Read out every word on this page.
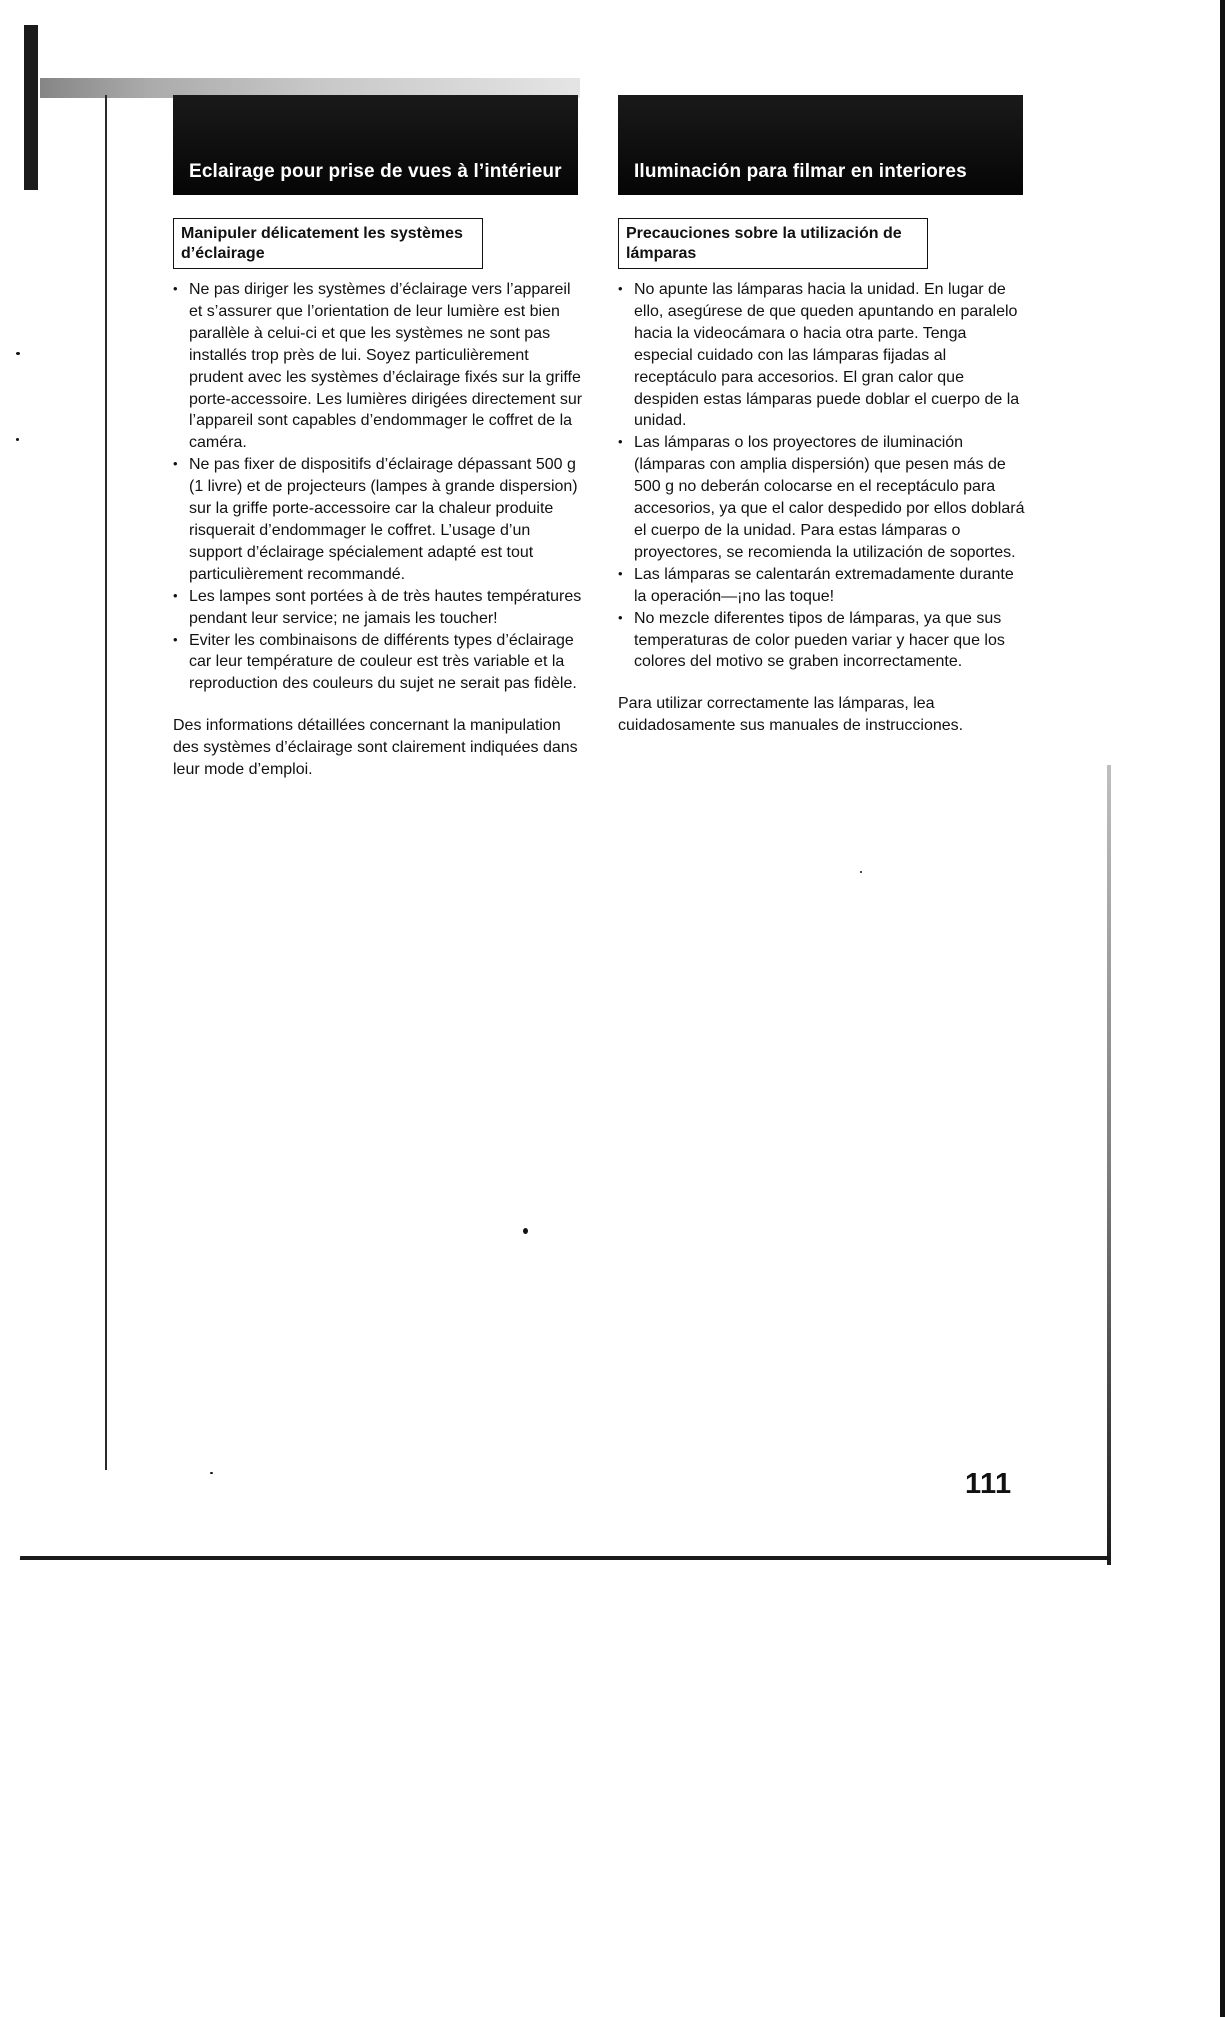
Eclairage pour prise de vues à l’intérieur
Manipuler délicatement les systèmes d’éclairage
• Ne pas diriger les systèmes d’éclairage vers l’appareil et s’assurer que l’orientation de leur lumière est bien parallèle à celui-ci et que les systèmes ne sont pas installés trop près de lui. Soyez particulièrement prudent avec les systèmes d’éclairage fixés sur la griffe porte-accessoire. Les lumières dirigées directement sur l’appareil sont capables d’endommager le coffret de la caméra.
• Ne pas fixer de dispositifs d’éclairage dépassant 500 g (1 livre) et de projecteurs (lampes à grande dispersion) sur la griffe porte-accessoire car la chaleur produite risquerait d’endommager le coffret. L’usage d’un support d’éclairage spécialement adapté est tout particulièrement recommandé.
• Les lampes sont portées à de très hautes températures pendant leur service; ne jamais les toucher!
• Eviter les combinaisons de différents types d’éclairage car leur température de couleur est très variable et la reproduction des couleurs du sujet ne serait pas fidèle.
Des informations détaillées concernant la manipulation des systèmes d’éclairage sont clairement indiquées dans leur mode d’emploi.
Iluminación para filmar en interiores
Precauciones sobre la utilización de lámparas
• No apunte las lámparas hacia la unidad. En lugar de ello, asegúrese de que queden apuntando en paralelo hacia la videocámara o hacia otra parte. Tenga especial cuidado con las lámparas fijadas al receptáculo para accesorios. El gran calor que despiden estas lámparas puede doblar el cuerpo de la unidad.
• Las lámparas o los proyectores de iluminación (lámparas con amplia dispersión) que pesen más de 500 g no deberán colocarse en el receptáculo para accesorios, ya que el calor despedido por ellos doblará el cuerpo de la unidad. Para estas lámparas o proyectores, se recomienda la utilización de soportes.
• Las lámparas se calentarán extremadamente durante la operación—¡no las toque!
• No mezcle diferentes tipos de lámparas, ya que sus temperaturas de color pueden variar y hacer que los colores del motivo se graben incorrectamente.
Para utilizar correctamente las lámparas, lea cuidadosamente sus manuales de instrucciones.
111
